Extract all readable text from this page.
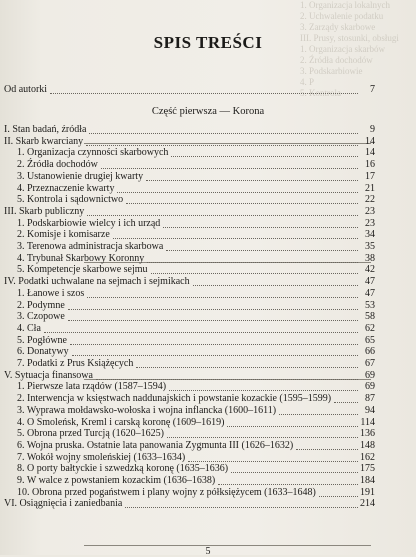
1. Organizacja lokalnych
2. Uchwalenie podatku
3. Zarządy skarbowe
III. Prusy, stosunki, obsługi
1. Organizacja skarbów
2. Źródła dochodów
3. Podskarbiowie
4. P
5. Kontrola
SPIS TREŚCI
Od autorki	7
Część pierwsza — Korona
I. Stan badań, źródła	9
II. Skarb kwarciany	14
1. Organizacja czynności skarbowych	14
2. Źródła dochodów	16
3. Ustanowienie drugiej kwarty	17
4. Przeznaczenie kwarty	21
5. Kontrola i sądownictwo	22
III. Skarb publiczny	23
1. Podskarbiowie wielcy i ich urząd	23
2. Komisje i komisarze	34
3. Terenowa administracja skarbowa	35
4. Trybunał Skarbowy Koronny	38
5. Kompetencje skarbowe sejmu	42
IV. Podatki uchwalane na sejmach i sejmikach	47
1. Łanowe i szos	47
2. Podymne	53
3. Czopowe	58
4. Cła	62
5. Pogłówne	65
6. Donatywy	66
7. Podatki z Prus Książęcych	67
V. Sytuacja finansowa	69
1. Pierwsze lata rządów (1587–1594)	69
2. Interwencja w księstwach naddunajskich i powstanie kozackie (1595–1599)	87
3. Wyprawa mołdawsko-wołoska i wojna inflancka (1600–1611)	94
4. O Smoleńsk, Kreml i carską koronę (1609–1619)	114
5. Obrona przed Turcją (1620–1625)	136
6. Wojna pruska. Ostatnie lata panowania Zygmunta III (1626–1632)	148
7. Wokół wojny smoleńskiej (1633–1634)	162
8. O porty bałtyckie i szwedzką koronę (1635–1636)	175
9. W walce z powstaniem kozackim (1636–1638)	184
10. Obrona przed pogaństwem i plany wojny z półksiężycem (1633–1648)	191
VI. Osiągnięcia i zaniedbania	214
5
